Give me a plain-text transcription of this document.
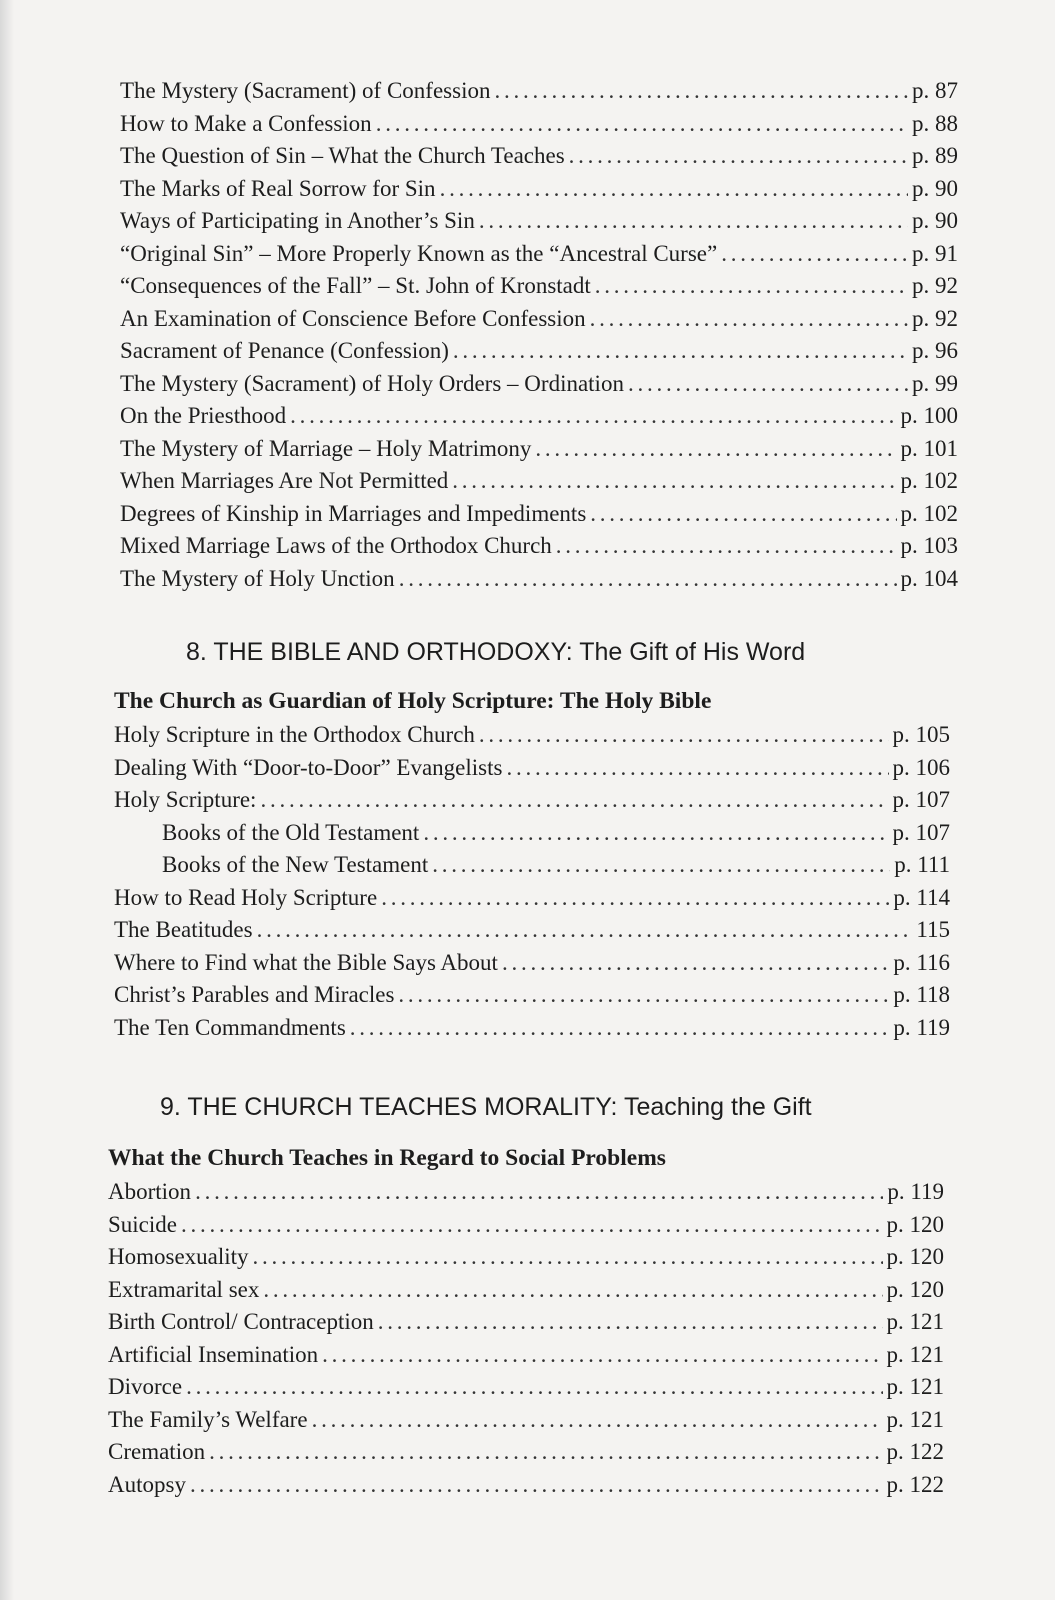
The Mystery (Sacrament) of Confession . . .	p. 87
How to Make a Confession . . .	p. 88
The Question of Sin – What the Church Teaches . . .	p. 89
The Marks of Real Sorrow for Sin . . .	p. 90
Ways of Participating in Another’s Sin . . .	p. 90
“Original Sin” – More Properly Known as the “Ancestral Curse” . . .	p. 91
“Consequences of the Fall” – St. John of Kronstadt . . .	p. 92
An Examination of Conscience Before Confession . . .	p. 92
Sacrament of Penance (Confession) . . .	p. 96
The Mystery (Sacrament) of Holy Orders – Ordination . . .	p. 99
On the Priesthood . . .	p. 100
The Mystery of Marriage – Holy Matrimony . . .	p. 101
When Marriages Are Not Permitted . . .	p. 102
Degrees of Kinship in Marriages and Impediments . . .	p. 102
Mixed Marriage Laws of the Orthodox Church . . .	p. 103
The Mystery of Holy Unction . . .	p. 104
8. THE BIBLE AND ORTHODOXY: The Gift of His Word
The Church as Guardian of Holy Scripture: The Holy Bible
Holy Scripture in the Orthodox Church . . .	p. 105
Dealing With “Door-to-Door” Evangelists . . .	p. 106
Holy Scripture: . . .	p. 107
Books of the Old Testament . . .	p. 107
Books of the New Testament . . .	p. 111
How to Read Holy Scripture . . .	p. 114
The Beatitudes . . .	115
Where to Find what the Bible Says About . . .	p. 116
Christ’s Parables and Miracles . . .	p. 118
The Ten Commandments . . .	p. 119
9. THE CHURCH TEACHES MORALITY: Teaching the Gift
What the Church Teaches in Regard to Social Problems
Abortion . . .	p. 119
Suicide . . .	p. 120
Homosexuality . . .	p. 120
Extramarital sex . . .	p. 120
Birth Control/ Contraception . . .	p. 121
Artificial Insemination . . .	p. 121
Divorce . . .	p. 121
The Family’s Welfare . . .	p. 121
Cremation . . .	p. 122
Autopsy . . .	p. 122
